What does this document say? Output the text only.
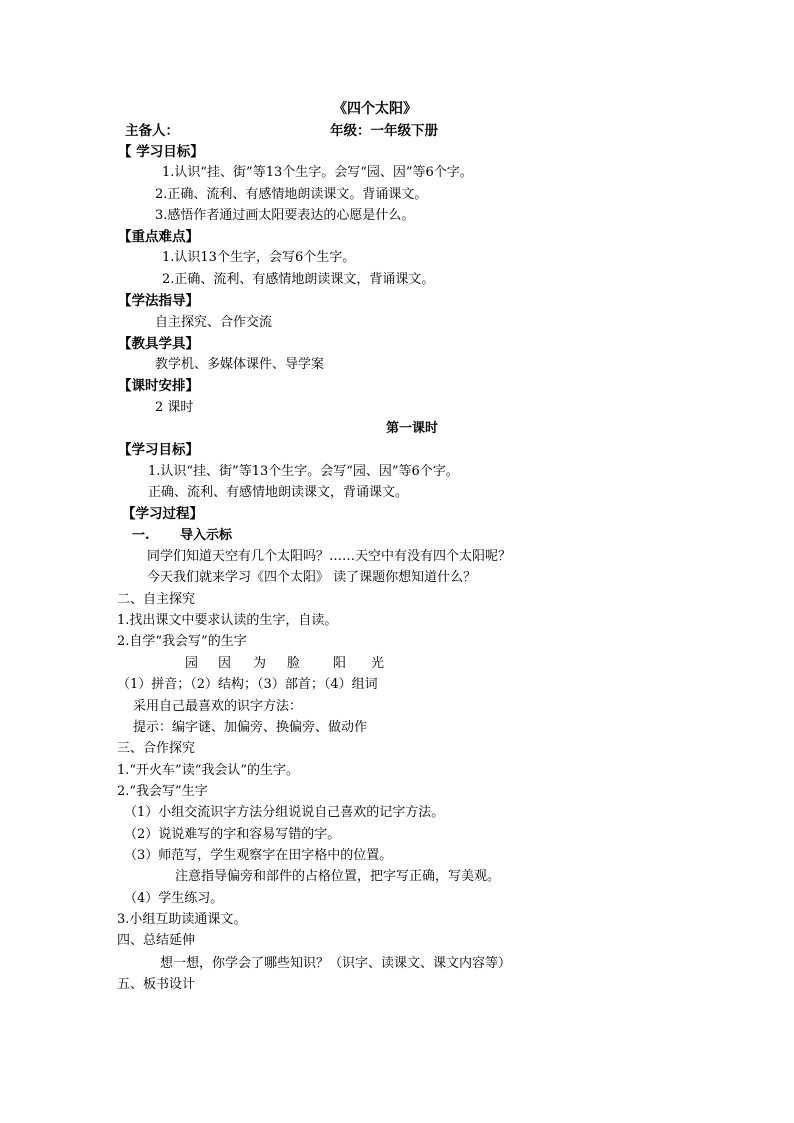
《四个太阳》
主备人：	年级：一年级下册
【 学习目标】
1.认识“挂、街”等13个生字。会写“园、因”等6个字。
2.正确、流利、有感情地朗读课文。背诵课文。
3.感悟作者通过画太阳要表达的心愿是什么。
【重点难点】
1.认识13个生字，会写6个生字。
2.正确、流利、有感情地朗读课文，背诵课文。
【学法指导】
自主探究、合作交流
【教具学具】
教学机、多媒体课件、导学案
【课时安排】
2 课时
第一课时
【学习目标】
1.认识“挂、街”等13个生字。会写“园、因”等6个字。
正确、流利、有感情地朗读课文，背诵课文。
【学习过程】
一. 导入示标
同学们知道天空有几个太阳吗？……天空中有没有四个太阳呢？
今天我们就来学习《四个太阳》 读了课题你想知道什么？
二、自主探究
1.找出课文中要求认读的生字，自读。
2.自学“我会写”的生字
园 因 为 脸	阳 光
（1）拼音；（2）结构；（3）部首；（4）组词
采用自己最喜欢的识字方法：
提示：编字谜、加偏旁、换偏旁、做动作
三、合作探究
1.“开火车”读“我会认”的生字。
2.“我会写”生字
（1）小组交流识字方法分组说说自己喜欢的记字方法。
（2）说说难写的字和容易写错的字。
（3）师范写，学生观察字在田字格中的位置。
注意指导偏旁和部件的占格位置，把字写正确，写美观。
（4）学生练习。
3.小组互助读通课文。
四、总结延伸
想一想，你学会了哪些知识？（识字、读课文、课文内容等）
五、板书设计
